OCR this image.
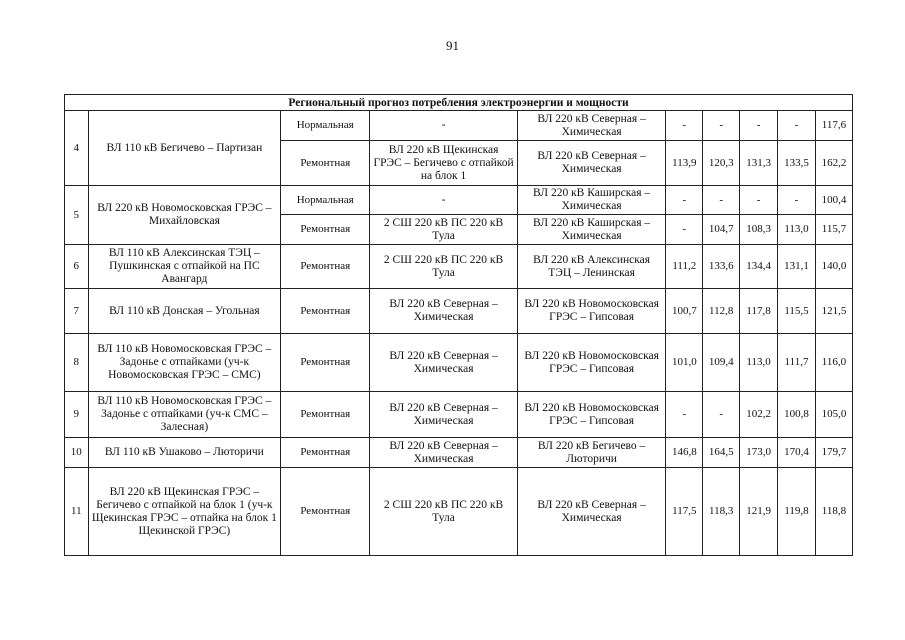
91
Региональный прогноз потребления электроэнергии и мощности									
4	ВЛ 110 кВ Бегичево – Партизан	Нормальная	-	ВЛ 220 кВ Северная – Химическая	-	-	-	-	117,6
		Ремонтная	ВЛ 220 кВ Щекинская ГРЭС – Бегичево с отпайкой на блок 1	ВЛ 220 кВ Северная – Химическая	113,9	120,3	131,3	133,5	162,2
5	ВЛ 220 кВ Новомосковская ГРЭС – Михайловская	Нормальная	-	ВЛ 220 кВ Каширская – Химическая	-	-	-	-	100,4
		Ремонтная	2 СШ 220 кВ ПС 220 кВ Тула	ВЛ 220 кВ Каширская – Химическая	-	104,7	108,3	113,0	115,7
6	ВЛ 110 кВ Алексинская ТЭЦ – Пушкинская с отпайкой на ПС Авангард	Ремонтная	2 СШ 220 кВ ПС 220 кВ Тула	ВЛ 220 кВ Алексинская ТЭЦ – Ленинская	111,2	133,6	134,4	131,1	140,0
7	ВЛ 110 кВ Донская – Угольная	Ремонтная	ВЛ 220 кВ Северная – Химическая	ВЛ 220 кВ Новомосковская ГРЭС – Гипсовая	100,7	112,8	117,8	115,5	121,5
8	ВЛ 110 кВ Новомосковская ГРЭС – Задонье с отпайками (уч-к Новомосковская ГРЭС – СМС)	Ремонтная	ВЛ 220 кВ Северная – Химическая	ВЛ 220 кВ Новомосковская ГРЭС – Гипсовая	101,0	109,4	113,0	111,7	116,0
9	ВЛ 110 кВ Новомосковская ГРЭС – Задонье с отпайками (уч-к СМС – Залесная)	Ремонтная	ВЛ 220 кВ Северная – Химическая	ВЛ 220 кВ Новомосковская ГРЭС – Гипсовая	-	-	102,2	100,8	105,0
10	ВЛ 110 кВ Ушаково – Люторичи	Ремонтная	ВЛ 220 кВ Северная – Химическая	ВЛ 220 кВ Бегичево – Люторичи	146,8	164,5	173,0	170,4	179,7
11	ВЛ 220 кВ Щекинская ГРЭС – Бегичево с отпайкой на блок 1 (уч-к Щекинская ГРЭС – отпайка на блок 1 Щекинской ГРЭС)	Ремонтная	2 СШ 220 кВ ПС 220 кВ Тула	ВЛ 220 кВ Северная – Химическая	117,5	118,3	121,9	119,8	118,8
